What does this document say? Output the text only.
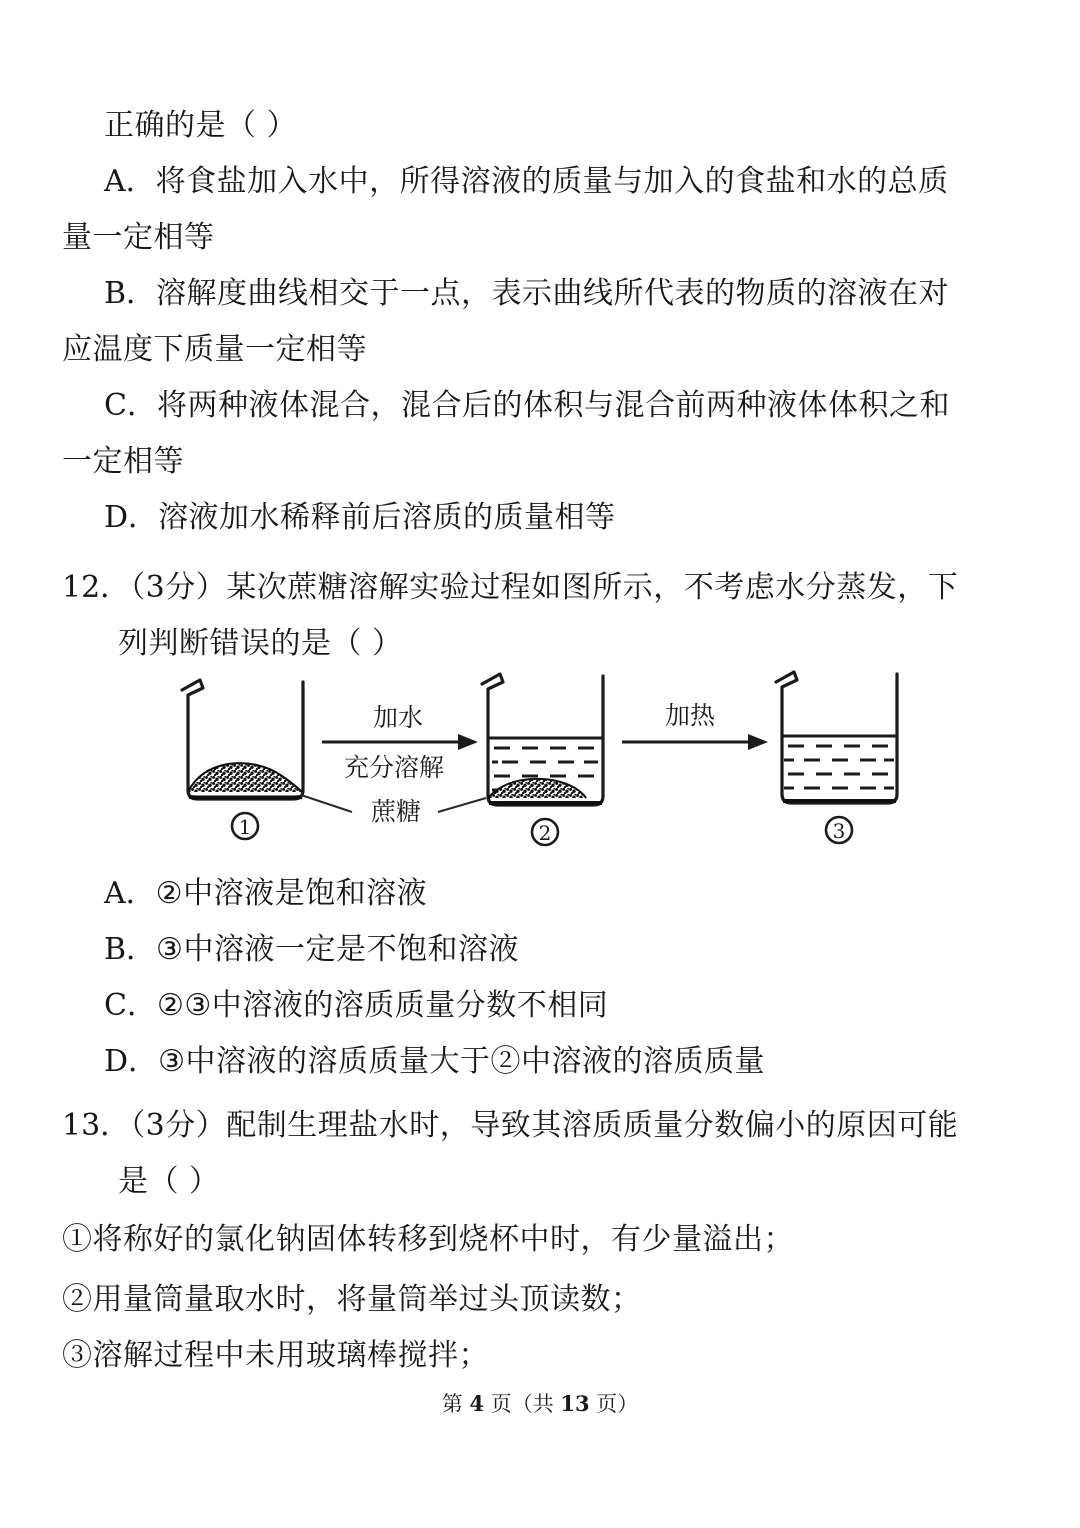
正确的是（ ）
A．将食盐加入水中，所得溶液的质量与加入的食盐和水的总质
量一定相等
B．溶解度曲线相交于一点，表示曲线所代表的物质的溶液在对
应温度下质量一定相等
C．将两种液体混合，混合后的体积与混合前两种液体体积之和
一定相等
D．溶液加水稀释前后溶质的质量相等
12．（3分）某次蔗糖溶解实验过程如图所示，不考虑水分蒸发，下
列判断错误的是（ ）
1
加水
充分溶解
蔗糖
2
加热
3
A．②中溶液是饱和溶液
B．③中溶液一定是不饱和溶液
C．②③中溶液的溶质质量分数不相同
D．③中溶液的溶质质量大于②中溶液的溶质质量
13．（3分）配制生理盐水时，导致其溶质质量分数偏小的原因可能
是（ ）
①将称好的氯化钠固体转移到烧杯中时，有少量溢出；
②用量筒量取水时，将量筒举过头顶读数；
③溶解过程中未用玻璃棒搅拌；
第 4 页（共 13 页）
